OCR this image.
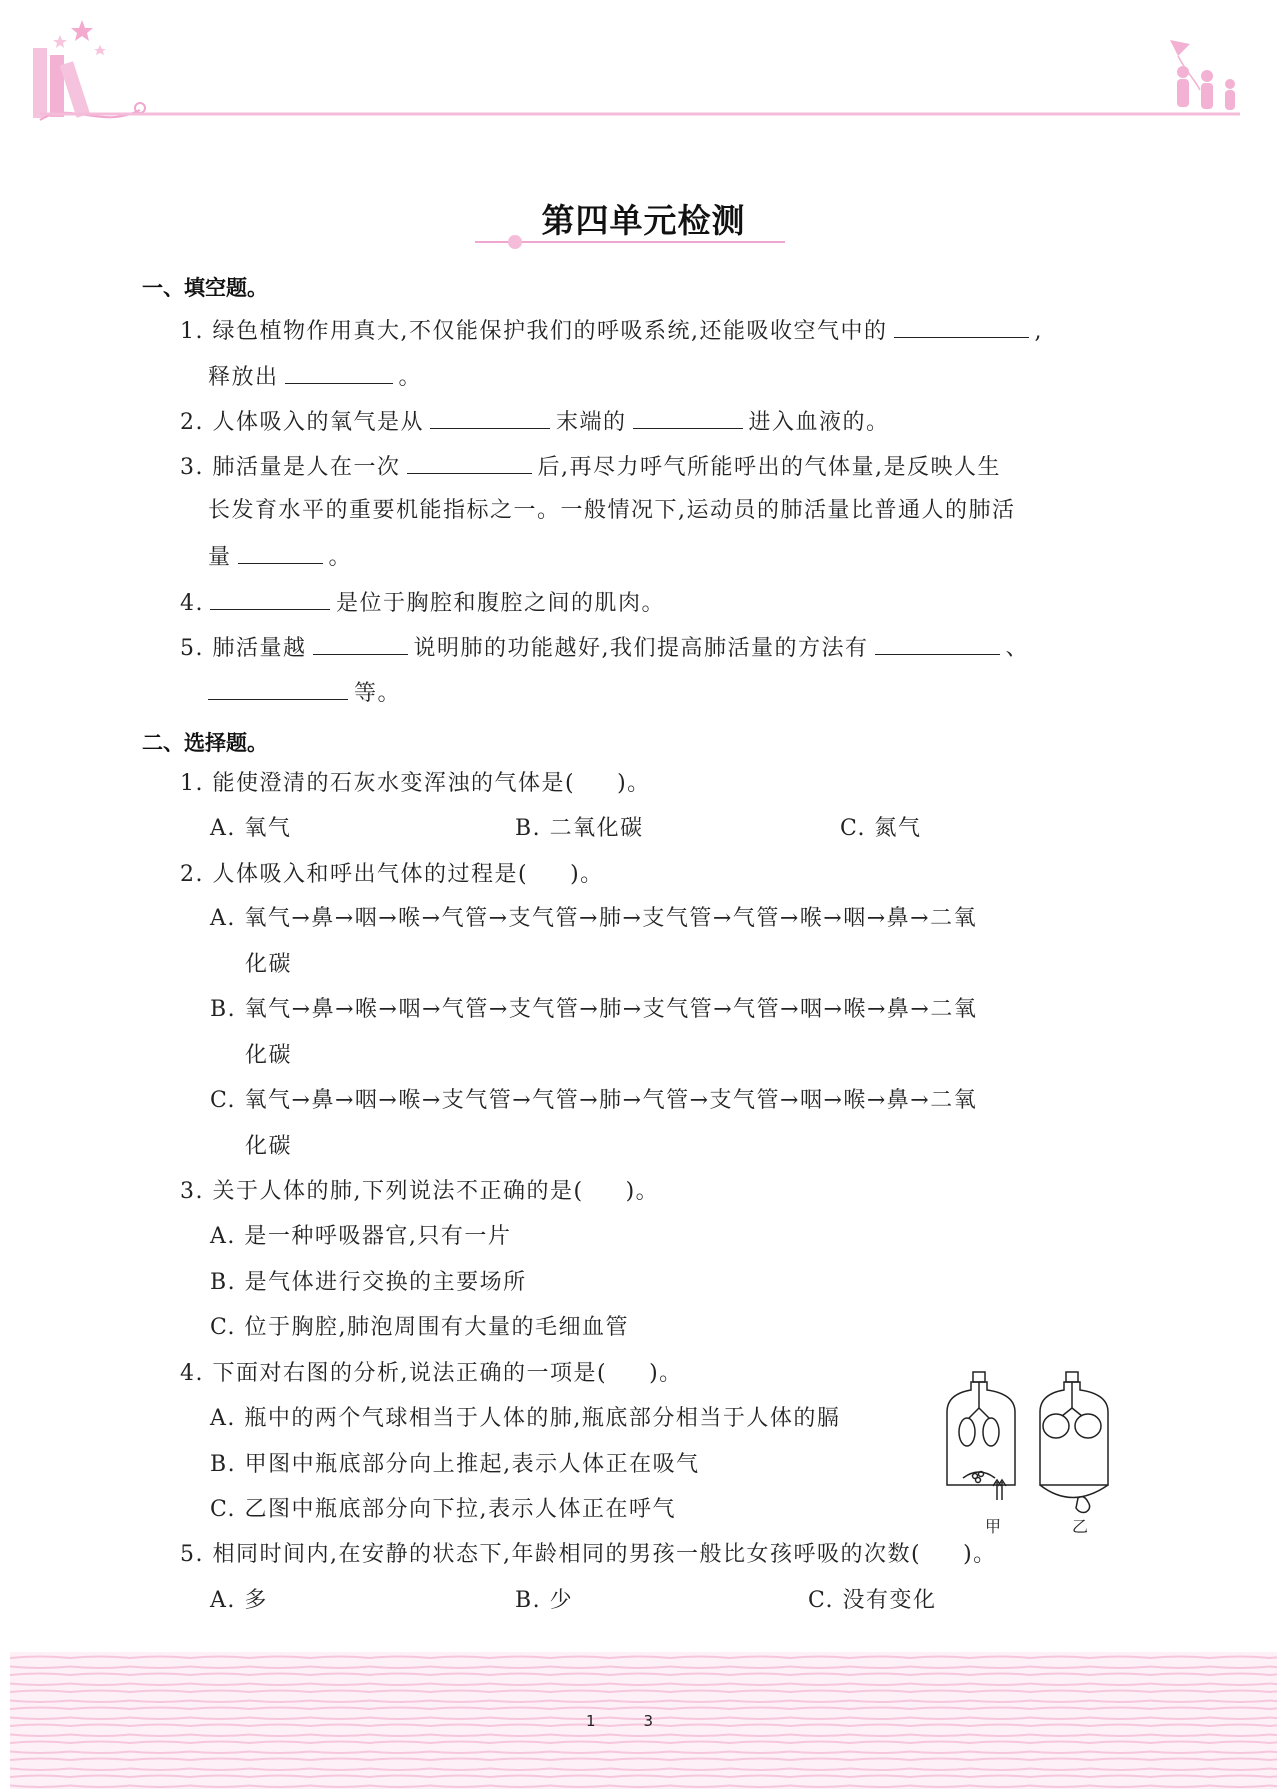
第四单元检测
一、填空题。
1. 绿色植物作用真大,不仅能保护我们的呼吸系统,还能吸收空气中的	,
释放出	。
2. 人体吸入的氧气是从	末端的	进入血液的。
3. 肺活量是人在一次	后,再尽力呼气所能呼出的气体量,是反映人生
长发育水平的重要机能指标之一。一般情况下,运动员的肺活量比普通人的肺活
量	。
4.	是位于胸腔和腹腔之间的肌肉。
5. 肺活量越	说明肺的功能越好,我们提高肺活量的方法有	、
等。
二、选择题。
1. 能使澄清的石灰水变浑浊的气体是( )。
A. 氧气	B. 二氧化碳	C. 氮气
2. 人体吸入和呼出气体的过程是( )。
A. 氧气→鼻→咽→喉→气管→支气管→肺→支气管→气管→喉→咽→鼻→二氧
化碳
B. 氧气→鼻→喉→咽→气管→支气管→肺→支气管→气管→咽→喉→鼻→二氧
化碳
C. 氧气→鼻→咽→喉→支气管→气管→肺→气管→支气管→咽→喉→鼻→二氧
化碳
3. 关于人体的肺,下列说法不正确的是( )。
A. 是一种呼吸器官,只有一片
B. 是气体进行交换的主要场所
C. 位于胸腔,肺泡周围有大量的毛细血管
4. 下面对右图的分析,说法正确的一项是( )。
A. 瓶中的两个气球相当于人体的肺,瓶底部分相当于人体的膈
B. 甲图中瓶底部分向上推起,表示人体正在吸气
C. 乙图中瓶底部分向下拉,表示人体正在呼气
甲	乙
5. 相同时间内,在安静的状态下,年龄相同的男孩一般比女孩呼吸的次数( )。
A. 多	B. 少	C. 没有变化
13
